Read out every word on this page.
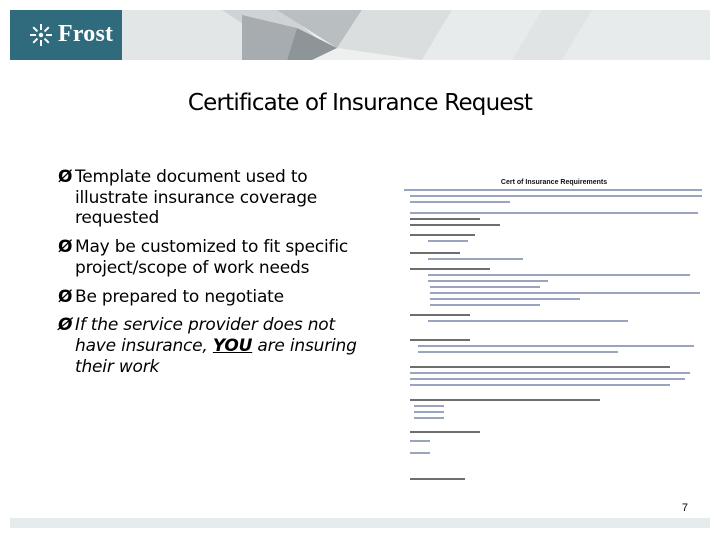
Frost
Certificate of Insurance Request
Ø Template document used to illustrate insurance coverage requested
Ø May be customized to fit specific project/scope of work needs
Ø Be prepared to negotiate
Ø If the service provider does not have insurance, YOU are insuring their work
Cert of Insurance Requirements
7
